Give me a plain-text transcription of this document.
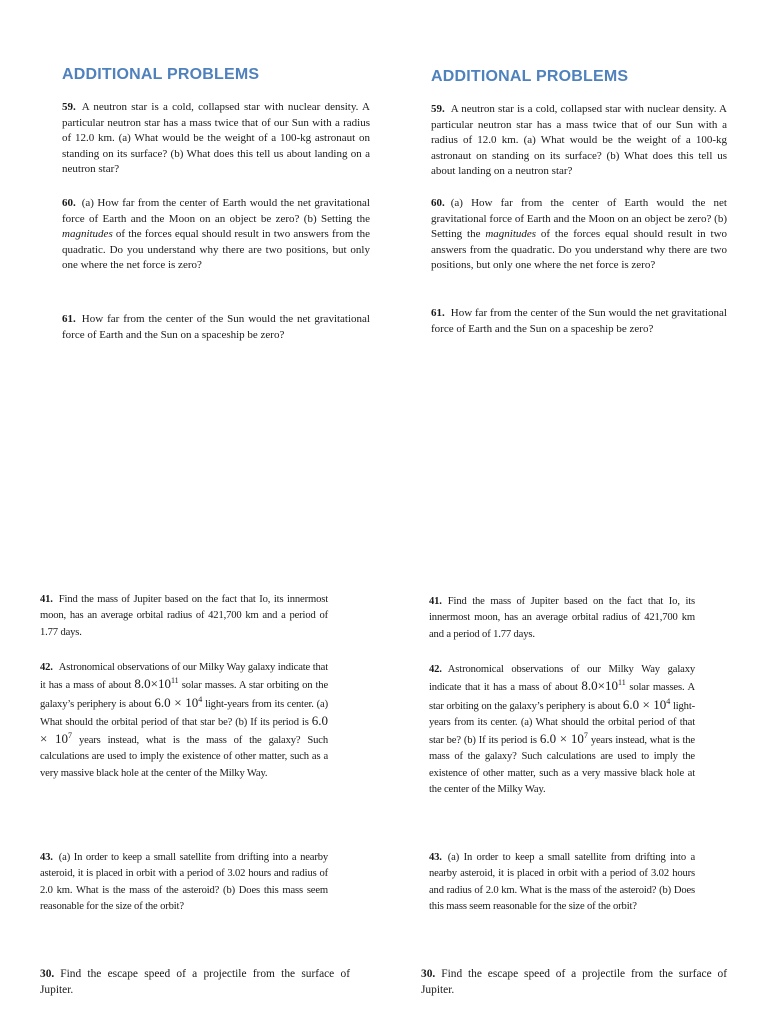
ADDITIONAL PROBLEMS

59. A neutron star is a cold, collapsed star with nuclear density. A particular neutron star has a mass twice that of our Sun with a radius of 12.0 km. (a) What would be the weight of a 100-kg astronaut on standing on its surface? (b) What does this tell us about landing on a neutron star?

60. (a) How far from the center of Earth would the net gravitational force of Earth and the Moon on an object be zero? (b) Setting the magnitudes of the forces equal should result in two answers from the quadratic. Do you understand why there are two positions, but only one where the net force is zero?

61. How far from the center of the Sun would the net gravitational force of Earth and the Sun on a spaceship be zero?

41. Find the mass of Jupiter based on the fact that Io, its innermost moon, has an average orbital radius of 421,700 km and a period of 1.77 days.

42. Astronomical observations of our Milky Way galaxy indicate that it has a mass of about $8.0\times 10^{11}$ solar masses. A star orbiting on the galaxy’s periphery is about $6.0 \times 10^4$ light-years from its center. (a) What should the orbital period of that star be? (b) If its period is $6.0 \times 10^7$ years instead, what is the mass of the galaxy? Such calculations are used to imply the existence of other matter, such as a very massive black hole at the center of the Milky Way.

43. (a) In order to keep a small satellite from drifting into a nearby asteroid, it is placed in orbit with a period of 3.02 hours and radius of 2.0 km. What is the mass of the asteroid? (b) Does this mass seem reasonable for the size of the orbit?

30. Find the escape speed of a projectile from the surface of Jupiter.

ADDITIONAL PROBLEMS

59. A neutron star is a cold, collapsed star with nuclear density. A particular neutron star has a mass twice that of our Sun with a radius of 12.0 km. (a) What would be the weight of a 100-kg astronaut on standing on its surface? (b) What does this tell us about landing on a neutron star?

60. (a) How far from the center of Earth would the net gravitational force of Earth and the Moon on an object be zero? (b) Setting the magnitudes of the forces equal should result in two answers from the quadratic. Do you understand why there are two positions, but only one where the net force is zero?

61. How far from the center of the Sun would the net gravitational force of Earth and the Sun on a spaceship be zero?

41. Find the mass of Jupiter based on the fact that Io, its innermost moon, has an average orbital radius of 421,700 km and a period of 1.77 days.

42. Astronomical observations of our Milky Way galaxy indicate that it has a mass of about $8.0\times 10^{11}$ solar masses. A star orbiting on the galaxy’s periphery is about $6.0 \times 10^4$ light-years from its center. (a) What should the orbital period of that star be? (b) If its period is $6.0 \times 10^7$ years instead, what is the mass of the galaxy? Such calculations are used to imply the existence of other matter, such as a very massive black hole at the center of the Milky Way.

43. (a) In order to keep a small satellite from drifting into a nearby asteroid, it is placed in orbit with a period of 3.02 hours and radius of 2.0 km. What is the mass of the asteroid? (b) Does this mass seem reasonable for the size of the orbit?

30. Find the escape speed of a projectile from the surface of Jupiter.
